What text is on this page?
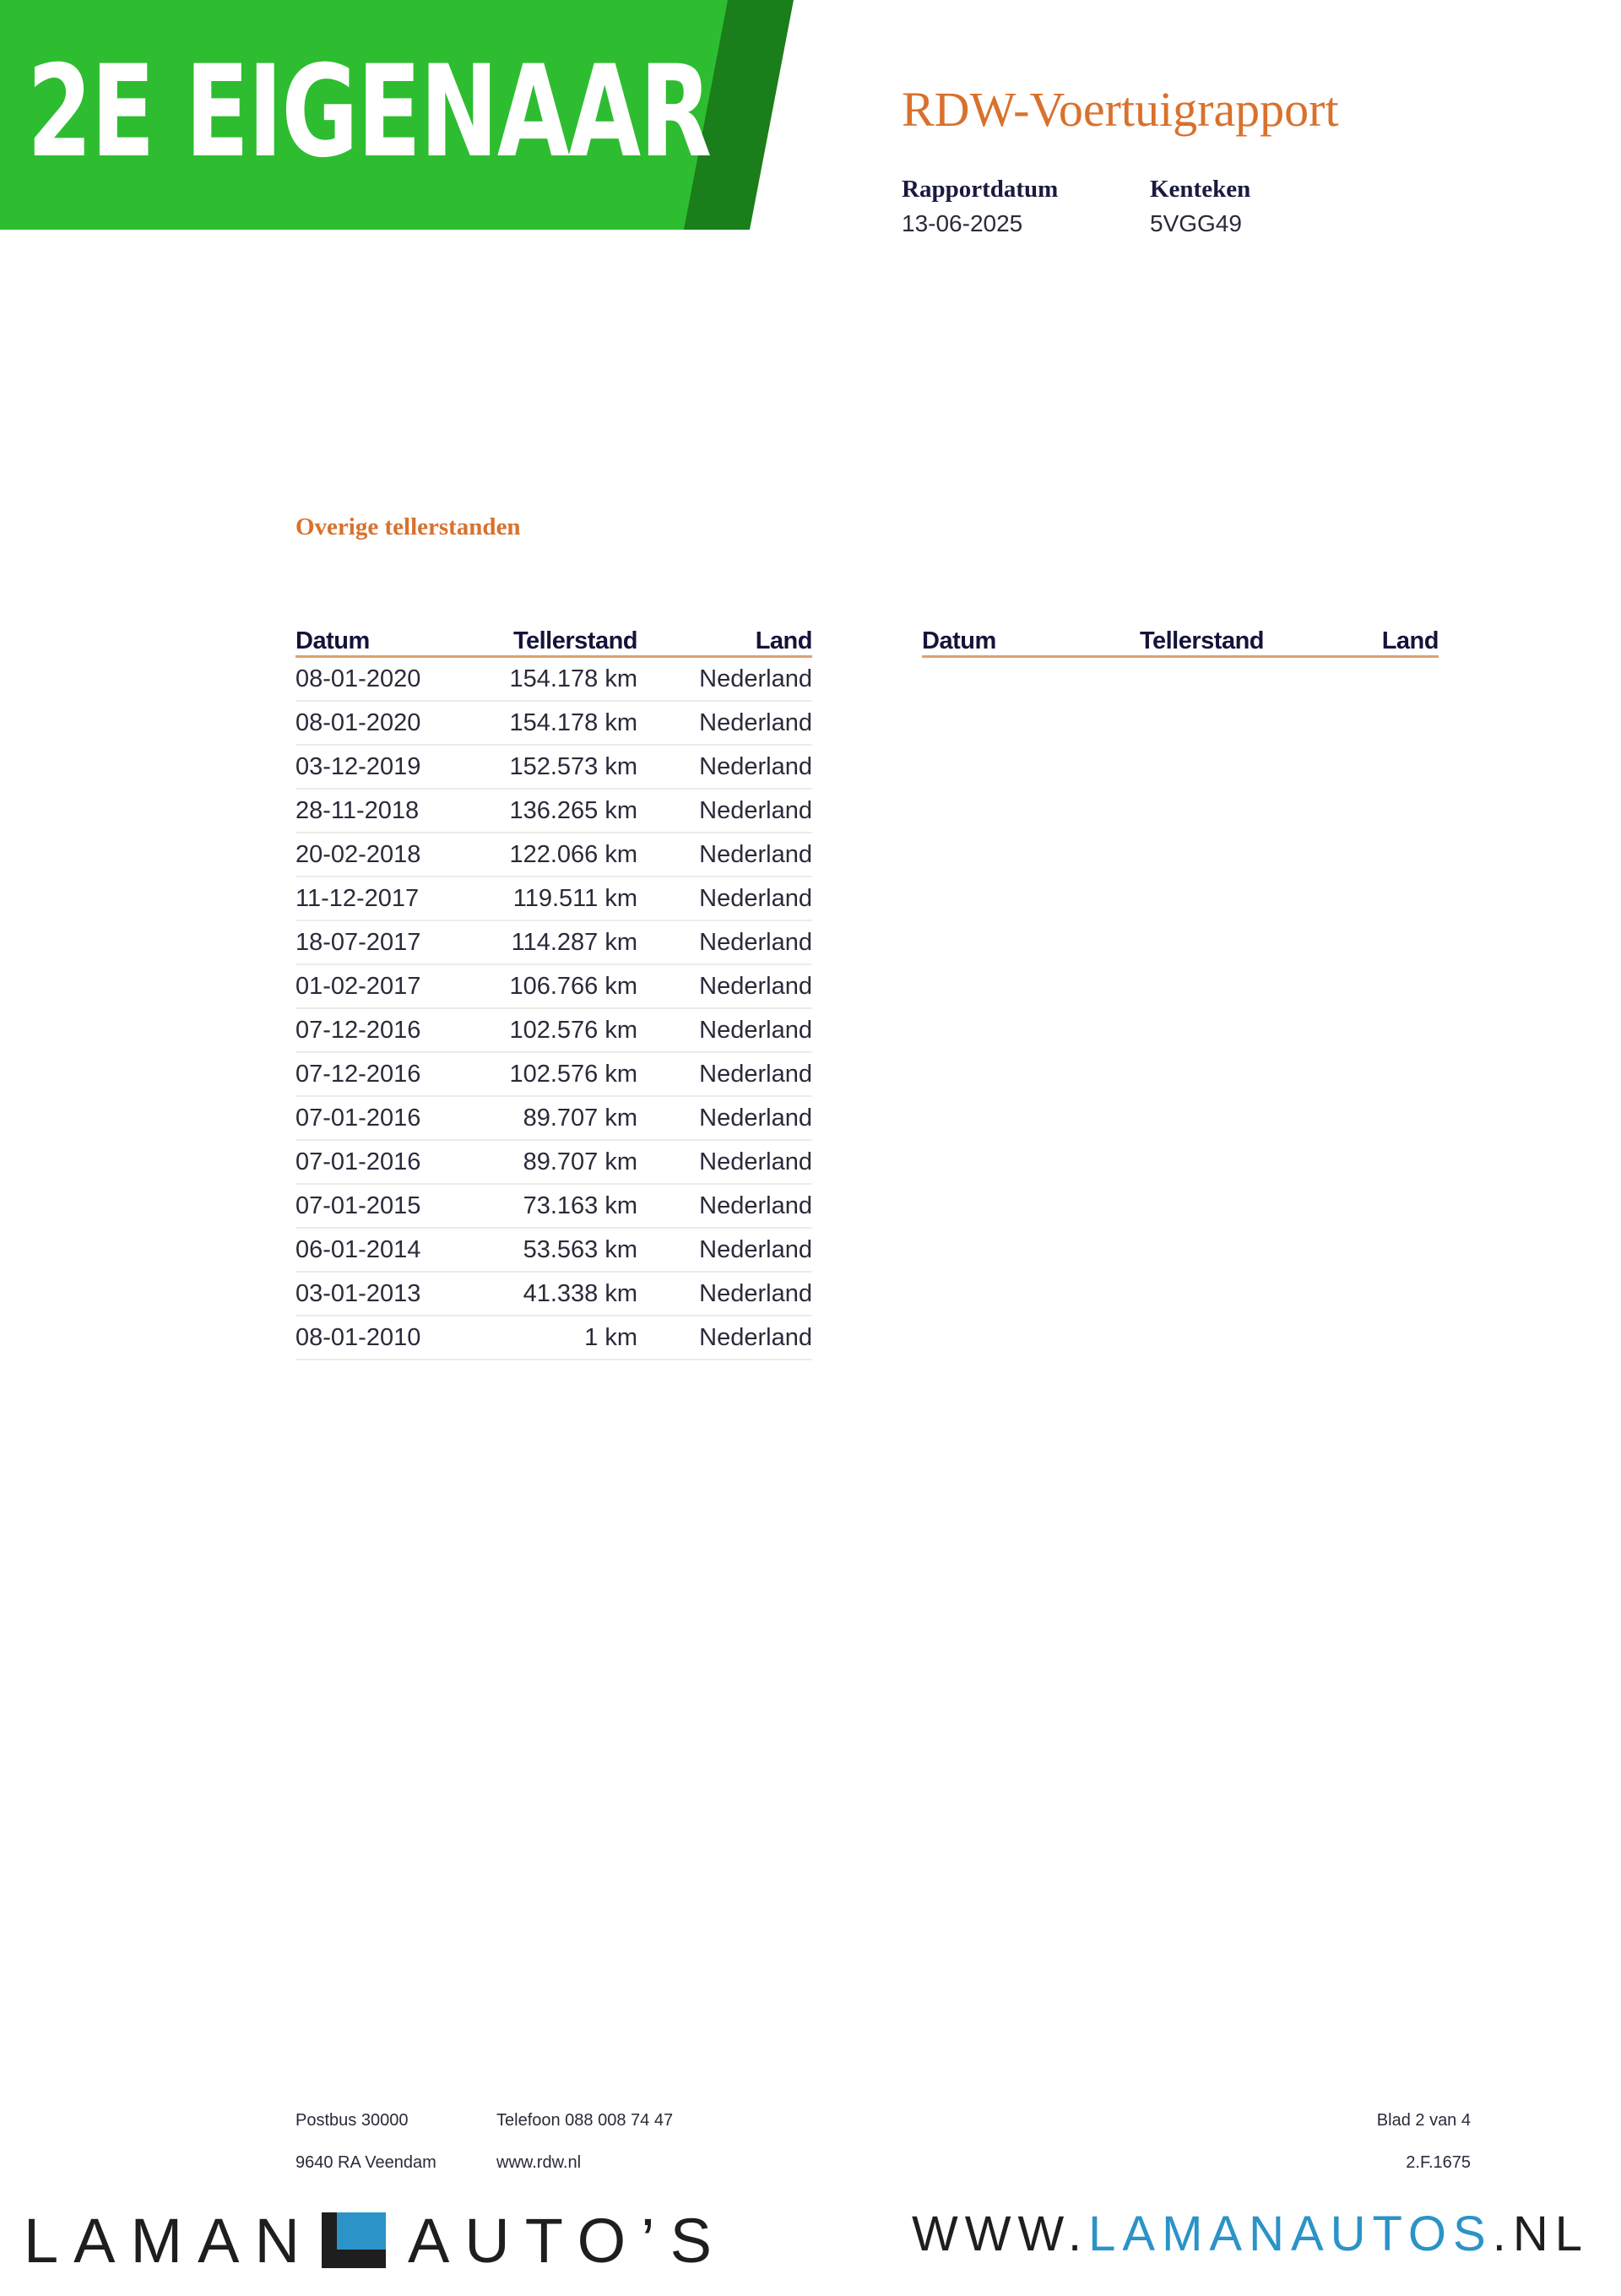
2E EIGENAAR	RDW-Voertuigrapport
Rapportdatum
13-06-2025
Kenteken
5VGG49
Overige tellerstanden
Datum	Tellerstand	Land
08-01-2020	154.178 km	Nederland
08-01-2020	154.178 km	Nederland
03-12-2019	152.573 km	Nederland
28-11-2018	136.265 km	Nederland
20-02-2018	122.066 km	Nederland
11-12-2017	119.511 km	Nederland
18-07-2017	114.287 km	Nederland
01-02-2017	106.766 km	Nederland
07-12-2016	102.576 km	Nederland
07-12-2016	102.576 km	Nederland
07-01-2016	89.707 km	Nederland
07-01-2016	89.707 km	Nederland
07-01-2015	73.163 km	Nederland
06-01-2014	53.563 km	Nederland
03-01-2013	41.338 km	Nederland
08-01-2010	1 km	Nederland
Datum	Tellerstand	Land
Postbus 30000	Telefoon 088 008 74 47	Blad 2 van 4
9640 RA Veendam	www.rdw.nl	2.F.1675
LAMAN AUTO’S	WWW.LAMANAUTOS.NL
